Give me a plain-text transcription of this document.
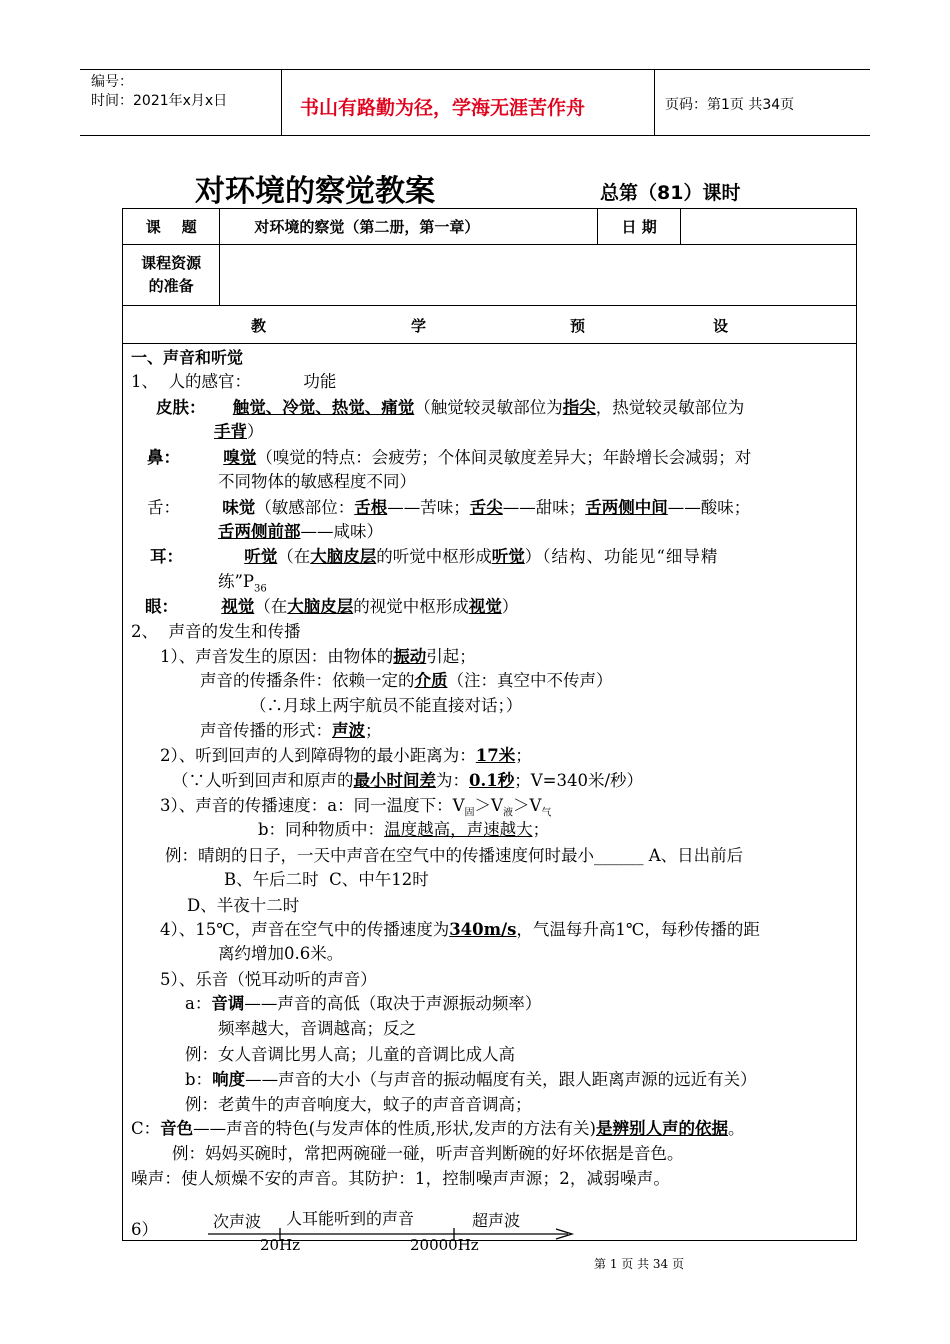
编号：
时间：2021年x月x日	书山有路勤为径，学海无涯苦作舟	页码：第1页 共34页
对环境的察觉教案	总第（81）课时
课    题	对环境的察觉（第二册，第一章）	日 期	

课程资源
的准备			

教 学 预 设			

一、声音和听觉
1、  人的感官：          功能
皮肤： 触觉、冷觉、热觉、痛觉（触觉较灵敏部位为指尖，热觉较灵敏部位为
手背）
鼻：	嗅觉（嗅觉的特点：会疲劳；个体间灵敏度差异大；年龄增长会减弱；对
不同物体的敏感程度不同）
舌：	味觉（敏感部位：舌根——苦味；舌尖——甜味；舌两侧中间——酸味；
舌两侧前部——咸味）
耳：	听觉（在大脑皮层的听觉中枢形成听觉）（结构、功能见“细导精
练$”P_{36}$
眼：	视觉（在大脑皮层的视觉中枢形成视觉）
2、  声音的发生和传播
1）、声音发生的原因：由物体的振动引起；
声音的传播条件：依赖一定的介质（注：真空中不传声）
（∴月球上两宇航员不能直接对话；）
声音传播的形式：声波；
2）、听到回声的人到障碍物的最小距离为：17米；
（∵人听到回声和原声的最小时间差为：0.1秒；V=340米/秒）
3）、声音的传播速度：a：同一温度下：$V_固>V_液>V_气$
b：同种物质中：温度越高，声速越大；
例：晴朗的日子，一天中声音在空气中的传播速度何时最小______ A、日出前后
B、午后二时  C、中午12时
D、半夜十二时
4）、15℃，声音在空气中的传播速度为340m/s，气温每升高1℃，每秒传播的距
离约增加0.6米。
5）、乐音（悦耳动听的声音）
a：音调——声音的高低（取决于声源振动频率）
频率越大，音调越高；反之
例：女人音调比男人高；儿童的音调比成人高
b：响度——声音的大小（与声音的振动幅度有关，跟人距离声源的远近有关）
例：老黄牛的声音响度大，蚊子的声音音调高；
C：音色——声音的特色(与发声体的性质,形状,发声的方法有关)是辨别人声的依据。
例：妈妈买碗时，常把两碗碰一碰，听声音判断碗的好坏依据是音色。
噪声：使人烦燥不安的声音。其防护：1，控制噪声声源；2，减弱噪声。
6）	次声波 人耳能听到的声音	超声波
20Hz	20000Hz
第 1 页 共 34 页
